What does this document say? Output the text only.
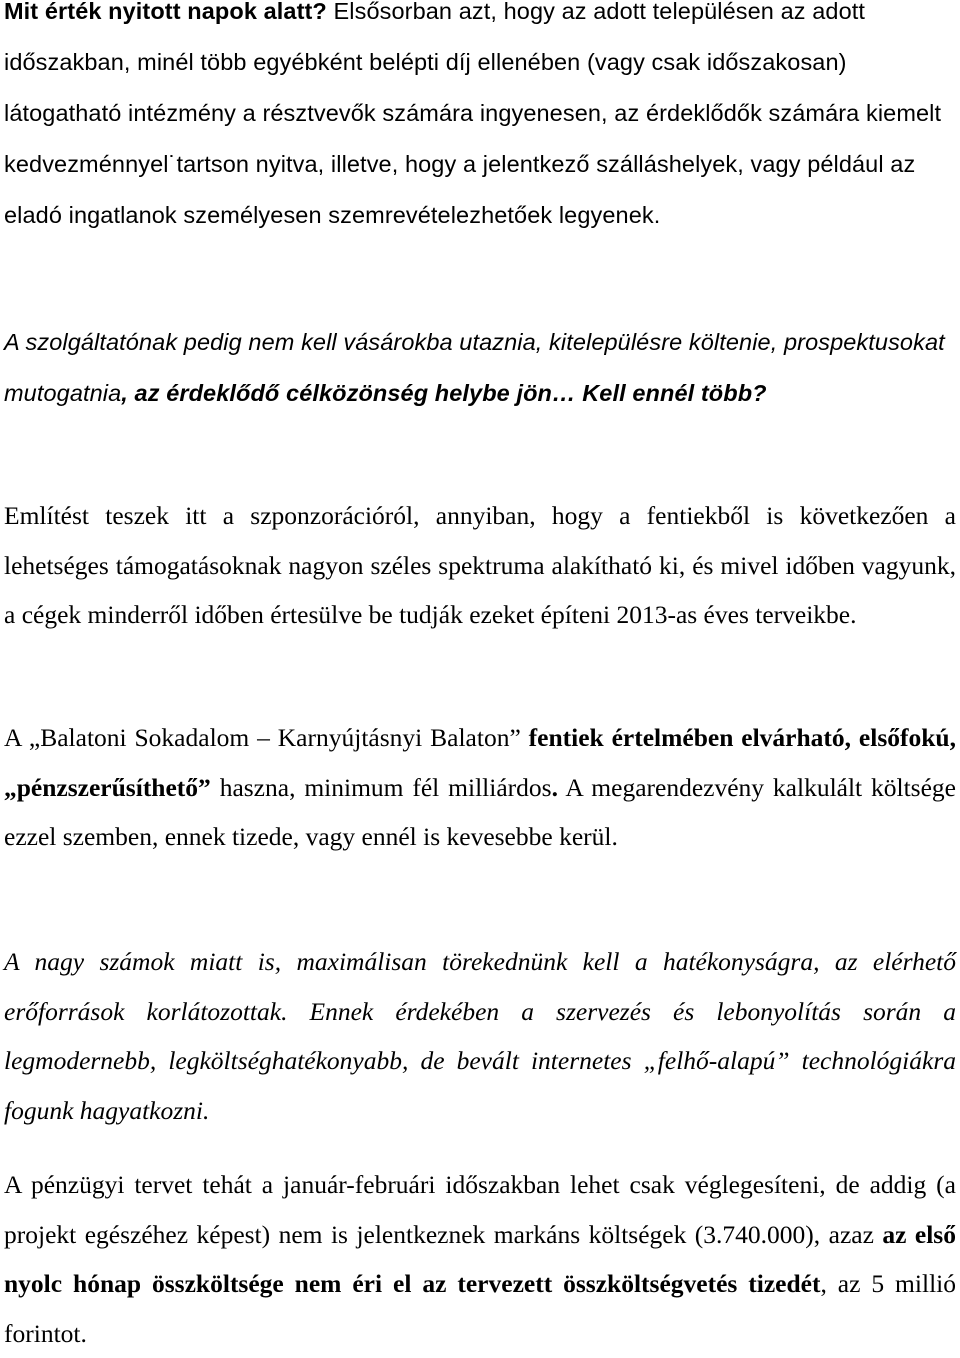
Mit érték nyitott napok alatt? Elsősorban azt, hogy az adott településen az adott időszakban, minél több egyébként belépti díj ellenében (vagy csak időszakosan) látogatható intézmény a résztvevők számára ingyenesen, az érdeklődők számára kiemelt kedvezménnyel˙tartson nyitva, illetve, hogy a jelentkező szálláshelyek, vagy például az eladó ingatlanok személyesen szemrevételezhetőek legyenek.

A szolgáltatónak pedig nem kell vásárokba utaznia, kitelepülésre költenie, prospektusokat mutogatnia, az érdeklődő célközönség helybe jön… Kell ennél több?

Említést teszek itt a szponzorációról, annyiban, hogy a fentiekből is következően a lehetséges támogatásoknak nagyon széles spektruma alakítható ki, és mivel időben vagyunk, a cégek minderről időben értesülve be tudják ezeket építeni 2013-as éves terveikbe.

A „Balatoni Sokadalom – Karnyújtásnyi Balaton” fentiek értelmében elvárható, elsőfokú, „pénzszerűsíthető” haszna, minimum fél milliárdos. A megarendezvény kalkulált költsége ezzel szemben, ennek tizede, vagy ennél is kevesebbe kerül.

A nagy számok miatt is, maximálisan törekednünk kell a hatékonyságra, az elérhető erőforrások korlátozottak. Ennek érdekében a szervezés és lebonyolítás során a legmodernebb, legköltséghatékonyabb, de bevált internetes „felhő-alapú” technológiákra fogunk hagyatkozni.

A pénzügyi tervet tehát a január-februári időszakban lehet csak véglegesíteni, de addig (a projekt egészéhez képest) nem is jelentkeznek markáns költségek (3.740.000), azaz az első nyolc hónap összköltsége nem éri el az tervezett összköltségvetés tizedét, az 5 millió forintot.
